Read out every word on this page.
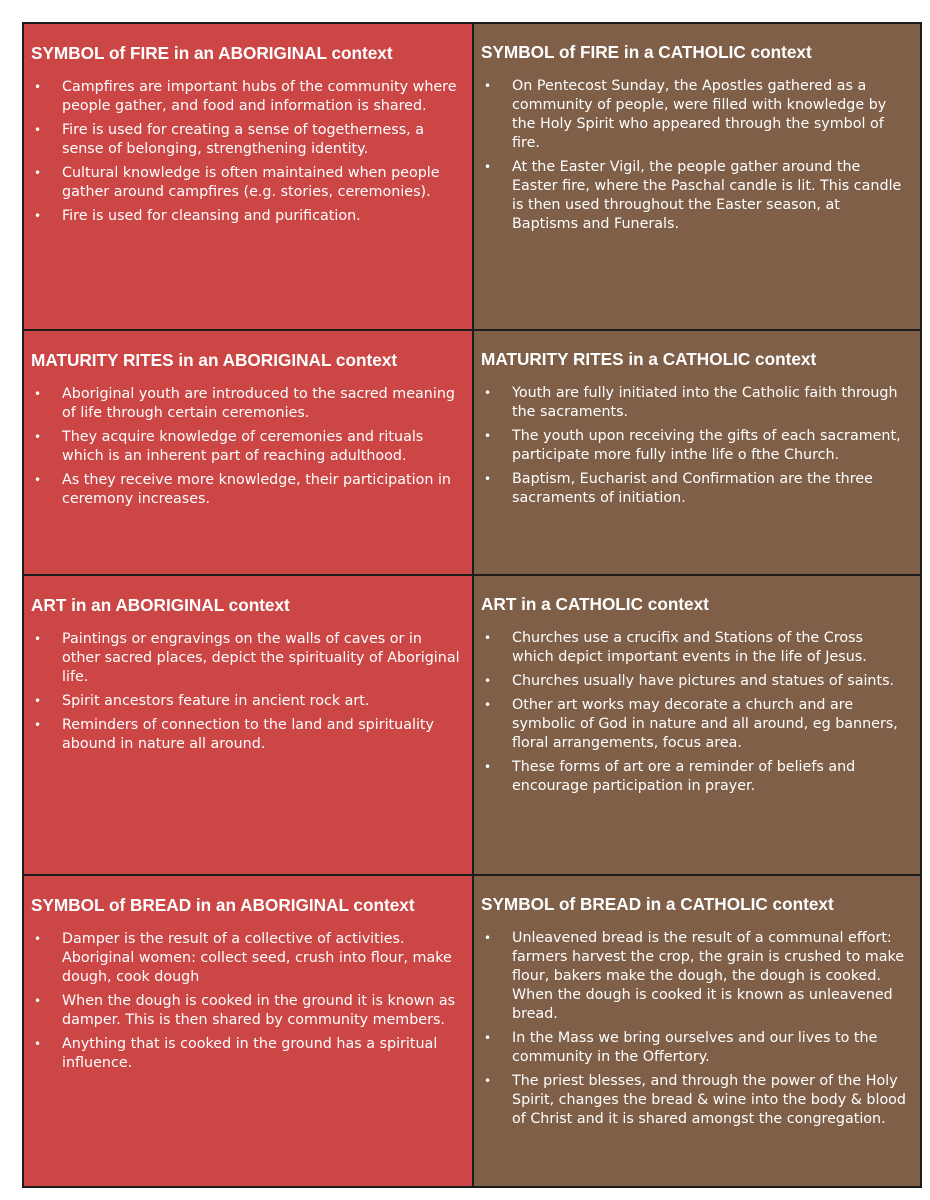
SYMBOL of FIRE in an ABORIGINAL context
• Campfires are important hubs of the community where people gather, and food and information is shared.
• Fire is used for creating a sense of togetherness, a sense of belonging, strengthening identity.
• Cultural knowledge is often maintained when people gather around campfires (e.g. stories, ceremonies).
• Fire is used for cleansing and purification.
SYMBOL of FIRE in a CATHOLIC context
• On Pentecost Sunday, the Apostles gathered as a community of people, were filled with knowledge by the Holy Spirit who appeared through the symbol of fire.
• At the Easter Vigil, the people gather around the Easter fire, where the Paschal candle is lit. This candle is then used throughout the Easter season, at Baptisms and Funerals.
MATURITY RITES in an ABORIGINAL context
• Aboriginal youth are introduced to the sacred meaning of life through certain ceremonies.
• They acquire knowledge of ceremonies and rituals which is an inherent part of reaching adulthood.
• As they receive more knowledge, their participation in ceremony increases.
MATURITY RITES in a CATHOLIC context
• Youth are fully initiated into the Catholic faith through the sacraments.
• The youth upon receiving the gifts of each sacrament, participate more fully inthe life o fthe Church.
• Baptism, Eucharist and Confirmation are the three sacraments of initiation.
ART in an ABORIGINAL context
• Paintings or engravings on the walls of caves or in other sacred places, depict the spirituality of Aboriginal life.
• Spirit ancestors feature in ancient rock art.
• Reminders of connection to the land and spirituality abound in nature all around.
ART in a CATHOLIC context
• Churches use a crucifix and Stations of the Cross which depict important events in the life of Jesus.
• Churches usually have pictures and statues of saints.
• Other art works may decorate a church and are symbolic of God in nature and all around, eg banners, floral arrangements, focus area.
• These forms of art ore a reminder of beliefs and encourage participation in prayer.
SYMBOL of BREAD in an ABORIGINAL context
• Damper is the result of a collective of activities. Aboriginal women: collect seed, crush into flour, make dough, cook dough
• When the dough is cooked in the ground it is known as damper. This is then shared by community members.
• Anything that is cooked in the ground has a spiritual influence.
SYMBOL of BREAD in a CATHOLIC context
• Unleavened bread is the result of a communal effort: farmers harvest the crop, the grain is crushed to make flour, bakers make the dough, the dough is cooked. When the dough is cooked it is known as unleavened bread.
• In the Mass we bring ourselves and our lives to the community in the Offertory.
• The priest blesses, and through the power of the Holy Spirit, changes the bread & wine into the body & blood of Christ and it is shared amongst the congregation.
